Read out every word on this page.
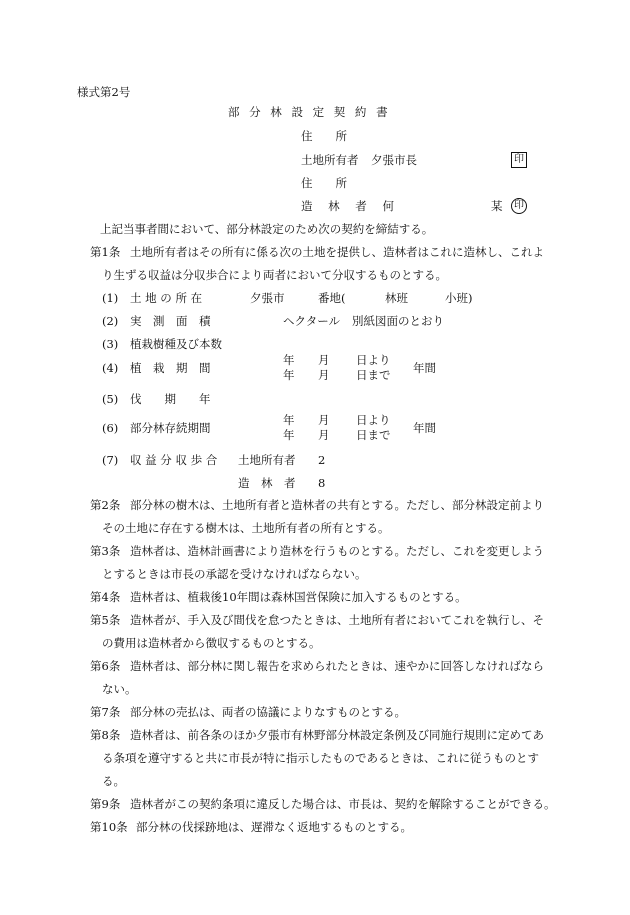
様式第2号
部 分 林 設 定 契 約 書
住　　所
土地所有者 夕張市長	印
住　　所
造 林 者 何	某	印
上記当事者間において、部分林設定のため次の契約を締結する。
第1条 土地所有者はその所有に係る次の土地を提供し、造林者はこれに造林し、これよ
り生ずる収益は分収歩合により両者において分収するものとする。
(1) 土 地 の 所 在	夕張市	番地(	林班	小班)
(2) 実　測　面　積	ヘクタール 別紙図面のとおり
(3) 植栽樹種及び本数
(4) 植　栽　期　間
年 月 日より
年 月 日まで 年間
(5) 伐　　期　　年
(6) 部分林存続期間
年 月 日より
年 月 日まで 年間
(7) 収 益 分 収 歩 合 土地所有者 2
造　林　者 8
第2条 部分林の樹木は、土地所有者と造林者の共有とする。ただし、部分林設定前より
その土地に存在する樹木は、土地所有者の所有とする。
第3条 造林者は、造林計画書により造林を行うものとする。ただし、これを変更しよう
とするときは市長の承認を受けなければならない。
第4条 造林者は、植栽後10年間は森林国営保険に加入するものとする。
第5条 造林者が、手入及び間伐を怠つたときは、土地所有者においてこれを執行し、そ
の費用は造林者から徴収するものとする。
第6条 造林者は、部分林に関し報告を求められたときは、速やかに回答しなければなら
ない。
第7条 部分林の売払は、両者の協議によりなすものとする。
第8条 造林者は、前各条のほか夕張市有林野部分林設定条例及び同施行規則に定めてあ
る条項を遵守すると共に市長が特に指示したものであるときは、これに従うものとす
る。
第9条 造林者がこの契約条項に違反した場合は、市長は、契約を解除することができる。
第10条 部分林の伐採跡地は、遅滞なく返地するものとする。
